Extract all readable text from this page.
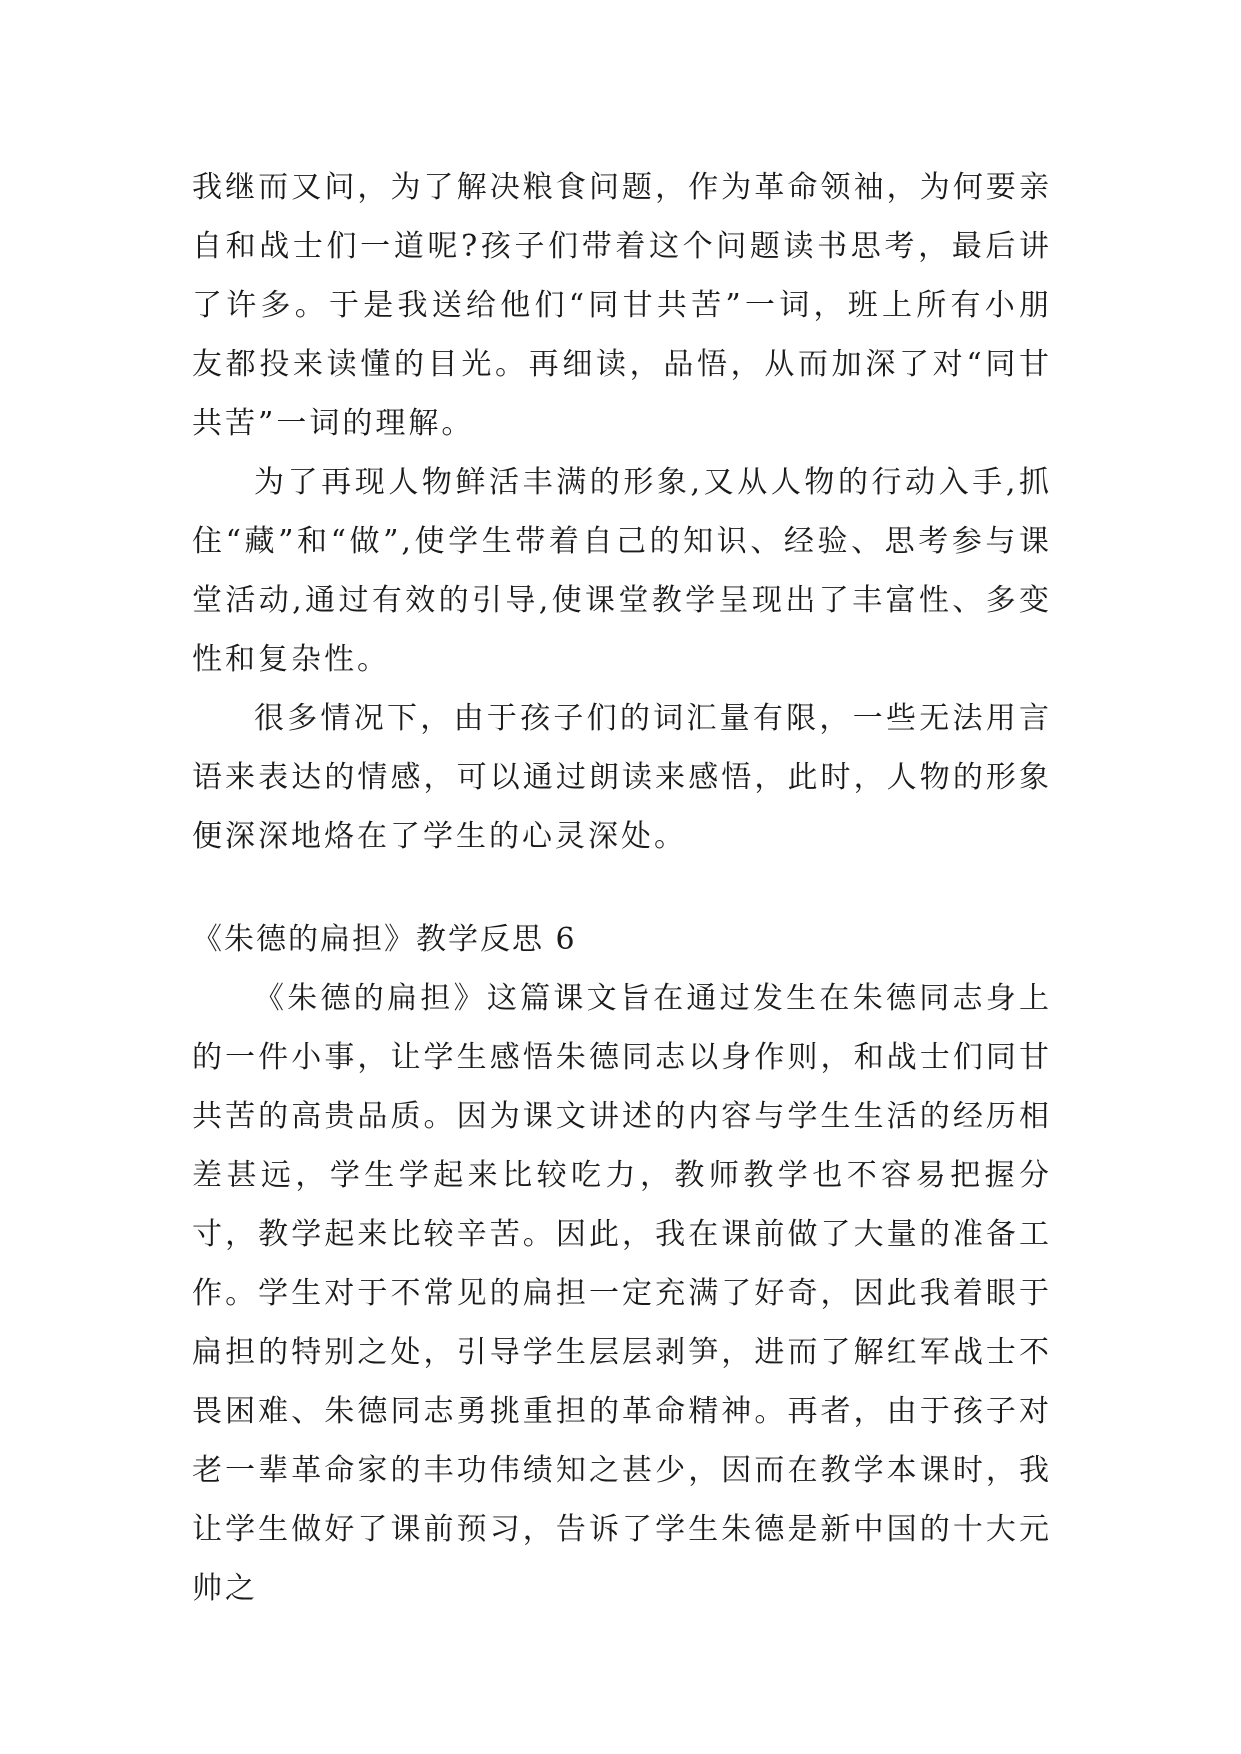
我继而又问，为了解决粮食问题，作为革命领袖，为何要亲自和战士们一道呢?孩子们带着这个问题读书思考，最后讲了许多。于是我送给他们“同甘共苦”一词，班上所有小朋友都投来读懂的目光。再细读，品悟，从而加深了对“同甘共苦”一词的理解。

为了再现人物鲜活丰满的形象,又从人物的行动入手,抓住“藏”和“做”,使学生带着自己的知识、经验、思考参与课堂活动,通过有效的引导,使课堂教学呈现出了丰富性、多变性和复杂性。

很多情况下，由于孩子们的词汇量有限，一些无法用言语来表达的情感，可以通过朗读来感悟，此时，人物的形象便深深地烙在了学生的心灵深处。

《朱德的扁担》教学反思 6

《朱德的扁担》这篇课文旨在通过发生在朱德同志身上的一件小事，让学生感悟朱德同志以身作则，和战士们同甘共苦的高贵品质。因为课文讲述的内容与学生生活的经历相差甚远，学生学起来比较吃力，教师教学也不容易把握分寸，教学起来比较辛苦。因此，我在课前做了大量的准备工作。学生对于不常见的扁担一定充满了好奇，因此我着眼于扁担的特别之处，引导学生层层剥笋，进而了解红军战士不畏困难、朱德同志勇挑重担的革命精神。再者，由于孩子对老一辈革命家的丰功伟绩知之甚少，因而在教学本课时，我让学生做好了课前预习，告诉了学生朱德是新中国的十大元帅之
